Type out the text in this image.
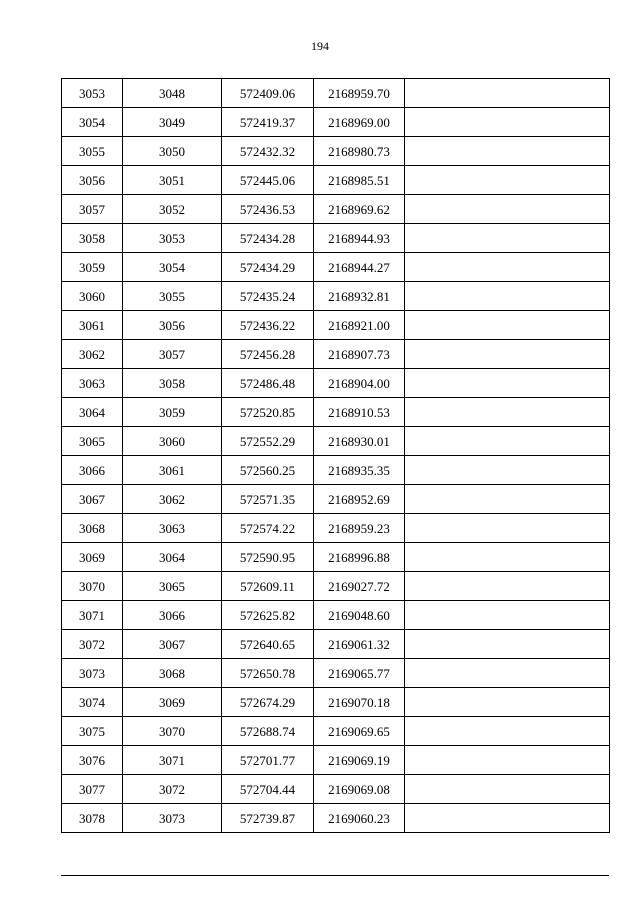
194
3053	3048	572409.06	2168959.70	
3054	3049	572419.37	2168969.00	
3055	3050	572432.32	2168980.73	
3056	3051	572445.06	2168985.51	
3057	3052	572436.53	2168969.62	
3058	3053	572434.28	2168944.93	
3059	3054	572434.29	2168944.27	
3060	3055	572435.24	2168932.81	
3061	3056	572436.22	2168921.00	
3062	3057	572456.28	2168907.73	
3063	3058	572486.48	2168904.00	
3064	3059	572520.85	2168910.53	
3065	3060	572552.29	2168930.01	
3066	3061	572560.25	2168935.35	
3067	3062	572571.35	2168952.69	
3068	3063	572574.22	2168959.23	
3069	3064	572590.95	2168996.88	
3070	3065	572609.11	2169027.72	
3071	3066	572625.82	2169048.60	
3072	3067	572640.65	2169061.32	
3073	3068	572650.78	2169065.77	
3074	3069	572674.29	2169070.18	
3075	3070	572688.74	2169069.65	
3076	3071	572701.77	2169069.19	
3077	3072	572704.44	2169069.08	
3078	3073	572739.87	2169060.23	
